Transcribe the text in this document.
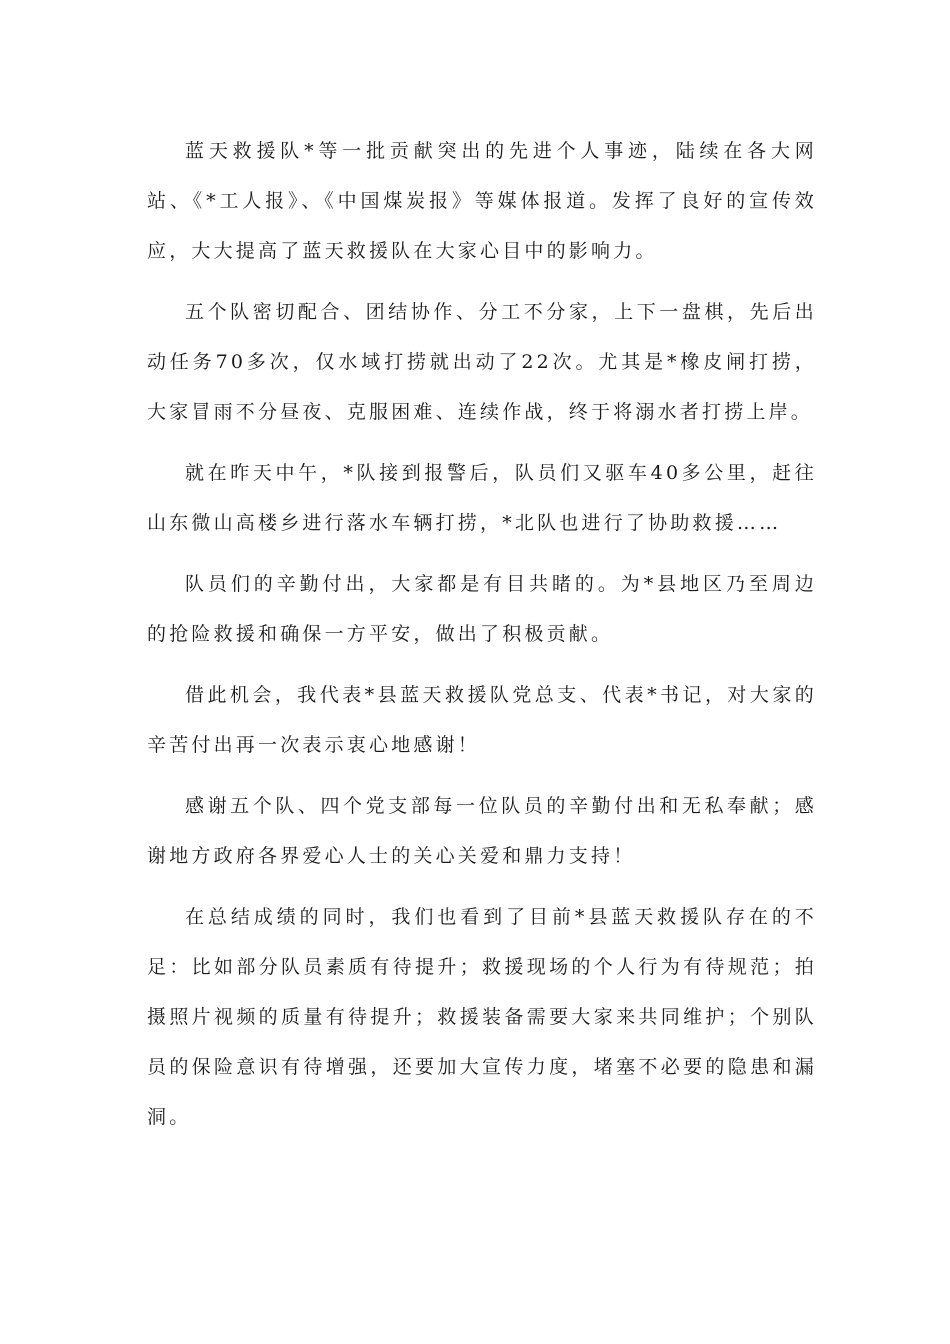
蓝天救援队*等一批贡献突出的先进个人事迹，陆续在各大网站、《*工人报》、《中国煤炭报》等媒体报道。发挥了良好的宣传效应，大大提高了蓝天救援队在大家心目中的影响力。

五个队密切配合、团结协作、分工不分家，上下一盘棋，先后出动任务70多次，仅水域打捞就出动了22次。尤其是*橡皮闸打捞，大家冒雨不分昼夜、克服困难、连续作战，终于将溺水者打捞上岸。

就在昨天中午，*队接到报警后，队员们又驱车40多公里，赶往山东微山高楼乡进行落水车辆打捞，*北队也进行了协助救援……

队员们的辛勤付出，大家都是有目共睹的。为*县地区乃至周边的抢险救援和确保一方平安，做出了积极贡献。

借此机会，我代表*县蓝天救援队党总支、代表*书记，对大家的辛苦付出再一次表示衷心地感谢！

感谢五个队、四个党支部每一位队员的辛勤付出和无私奉献；感谢地方政府各界爱心人士的关心关爱和鼎力支持！

在总结成绩的同时，我们也看到了目前*县蓝天救援队存在的不足：比如部分队员素质有待提升；救援现场的个人行为有待规范；拍摄照片视频的质量有待提升；救援装备需要大家来共同维护；个别队员的保险意识有待增强，还要加大宣传力度，堵塞不必要的隐患和漏洞。
